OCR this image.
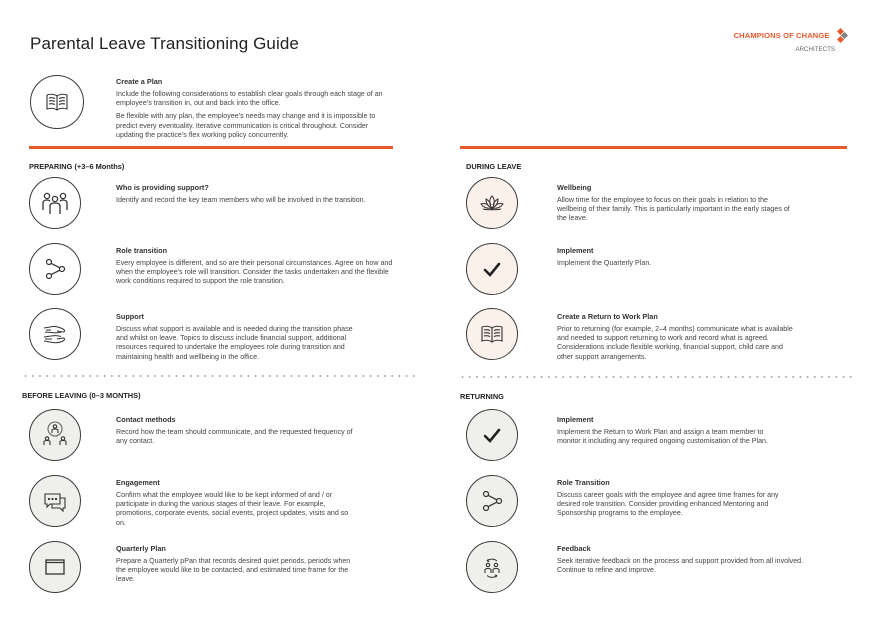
Parental Leave Transitioning Guide	CHAMPIONS OF CHANGE
ARCHITECTS
Create a Plan
Include the following considerations to establish clear goals through each stage of an employee’s transition in, out and back into the office.
Be flexible with any plan, the employee’s needs may change and it is impossible to predict every eventuality. Iterative communication is critical throughout. Consider updating the practice’s flex working policy concurrently.
PREPARING (+3–6 Months)
Who is providing support?
Identify and record the key team members who will be involved in the transition.
Role transition
Every employee is different, and so are their personal circumstances. Agree on how and when the employee’s role will transition. Consider the tasks undertaken and the flexible work conditions required to support the role transition.
Support
Discuss what support is available and is needed during the transition phase and whilst on leave. Topics to discuss include financial support, additional resources required to undertake the employees role during transition and maintaining health and wellbeing in the office.
BEFORE LEAVING (0–3 MONTHS)
Contact methods
Record how the team should communicate, and the requested frequency of any contact.
Engagement
Confirm what the employee would like to be kept informed of and / or participate in during the various stages of their leave. For example, promotions, corporate events, social events, project updates, visits and so on.
Quarterly Plan
Prepare a Quarterly pPan that records desired quiet periods, periods when the employee would like to be contacted, and estimated time frame for the leave.
DURING LEAVE
Wellbeing
Allow time for the employee to focus on their goals in relation to the wellbeing of their family. This is particularly important in the early stages of the leave.
Implement
Implement the Quarterly Plan.
Create a Return to Work Plan
Prior to returning (for example, 2–4 months) communicate what is available and needed to support returning to work and record what is agreed. Considerations include flexible working, financial support, child care and other support arrangements.
RETURNING
Implement
Implement the Return to Work Plan and assign a team member to monitor it including any required ongoing customisation of the Plan.
Role Transition
Discuss career goals with the employee and agree time frames for any desired role transition. Consider providing enhanced Mentoring and Sponsorship programs to the employee.
Feedback
Seek iterative feedback on the process and support provided from all involved. Continue to refine and improve.
